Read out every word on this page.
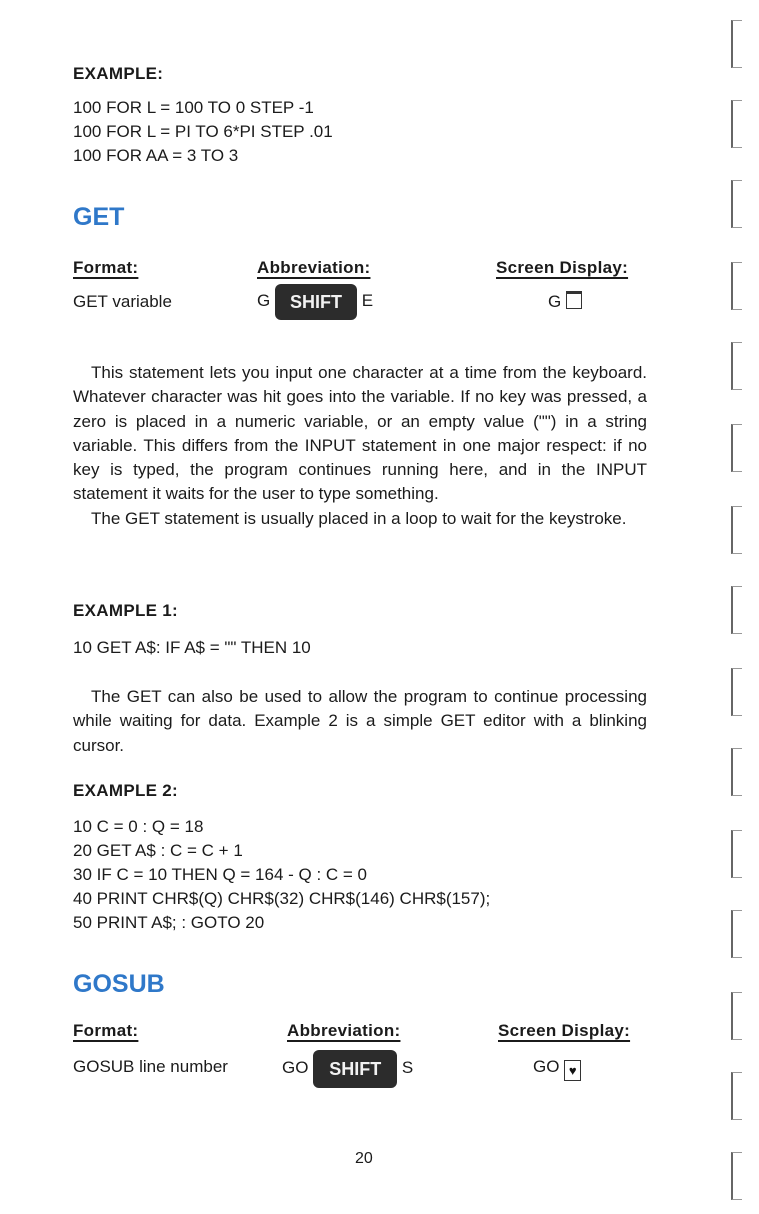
EXAMPLE:
100 FOR L = 100 TO 0 STEP -1
100 FOR L = PI TO 6*PI STEP .01
100 FOR AA = 3 TO 3
GET
Format:	Abbreviation:	Screen Display:
GET variable	G SHIFT E	G

This statement lets you input one character at a time from the keyboard. Whatever character was hit goes into the variable. If no key was pressed, a zero is placed in a numeric variable, or an empty value ("") in a string variable. This differs from the INPUT statement in one major respect: if no key is typed, the program continues running here, and in the INPUT statement it waits for the user to type something.

The GET statement is usually placed in a loop to wait for the keystroke.

EXAMPLE 1:
10 GET A$: IF A$ = "" THEN 10
The GET can also be used to allow the program to continue processing while waiting for data. Example 2 is a simple GET editor with a blinking cursor.
EXAMPLE 2:
10 C = 0 : Q = 18
20 GET A$ : C = C + 1
30 IF C = 10 THEN Q = 164 - Q : C = 0
40 PRINT CHR$(Q) CHR$(32) CHR$(146) CHR$(157);
50 PRINT A$; : GOTO 20
GOSUB
Format:	Abbreviation:	Screen Display:
GOSUB line number	GO SHIFT S	GO ♥
20
